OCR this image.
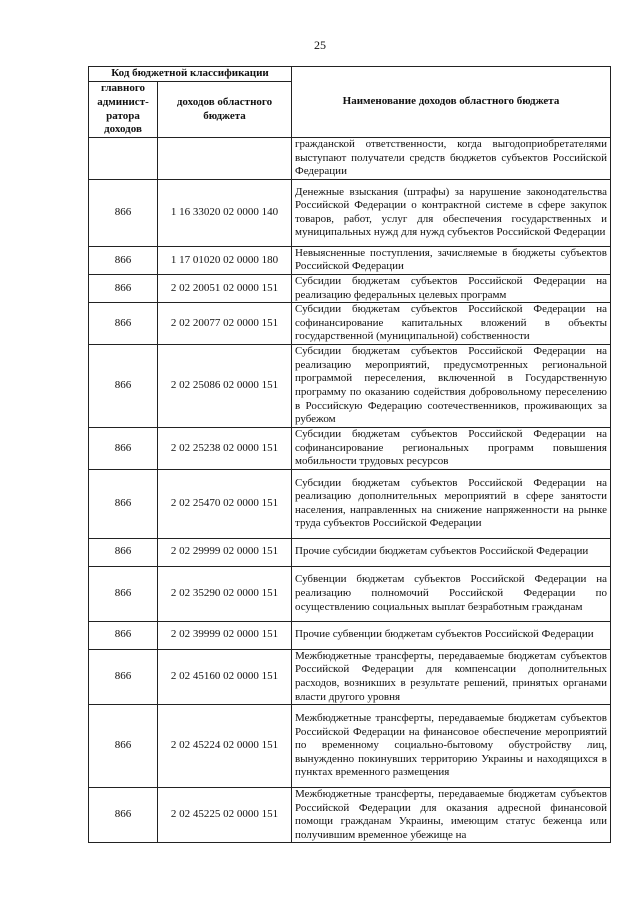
25
Код бюджетной классификации		Наименование доходов областного бюджета
главного админист-ратора доходов	доходов областного бюджета	
		гражданской ответственности, когда выгодоприобретателями выступают получатели средств бюджетов субъектов Российской Федерации
866	1 16 33020 02 0000 140	Денежные взыскания (штрафы) за нарушение законодательства Российской Федерации о контрактной системе в сфере закупок товаров, работ, услуг для обеспечения государственных и муниципальных нужд для нужд субъектов Российской Федерации
866	1 17 01020 02 0000 180	Невыясненные поступления, зачисляемые в бюджеты субъектов Российской Федерации
866	2 02 20051 02 0000 151	Субсидии бюджетам субъектов Российской Федерации на реализацию федеральных целевых программ
866	2 02 20077 02 0000 151	Субсидии бюджетам субъектов Российской Федерации на софинансирование капитальных вложений в объекты государственной (муниципальной) собственности
866	2 02 25086 02 0000 151	Субсидии бюджетам субъектов Российской Федерации на реализацию мероприятий, предусмотренных региональной программой переселения, включенной в Государственную программу по оказанию содействия добровольному переселению в Российскую Федерацию соотечественников, проживающих за рубежом
866	2 02 25238 02 0000 151	Субсидии бюджетам субъектов Российской Федерации на софинансирование региональных программ повышения мобильности трудовых ресурсов
866	2 02 25470 02 0000 151	Субсидии бюджетам субъектов Российской Федерации на реализацию дополнительных мероприятий в сфере занятости населения, направленных на снижение напряженности на рынке труда субъектов Российской Федерации
866	2 02 29999 02 0000 151	Прочие субсидии бюджетам субъектов Российской Федерации
866	2 02 35290 02 0000 151	Субвенции бюджетам субъектов Российской Федерации на реализацию полномочий Российской Федерации по осуществлению социальных выплат безработным гражданам
866	2 02 39999 02 0000 151	Прочие субвенции бюджетам субъектов Российской Федерации
866	2 02 45160 02 0000 151	Межбюджетные трансферты, передаваемые бюджетам субъектов Российской Федерации для компенсации дополнительных расходов, возникших в результате решений, принятых органами власти другого уровня
866	2 02 45224 02 0000 151	Межбюджетные трансферты, передаваемые бюджетам субъектов Российской Федерации на финансовое обеспечение мероприятий по временному социально-бытовому обустройству лиц, вынужденно покинувших территорию Украины и находящихся в пунктах временного размещения
866	2 02 45225 02 0000 151	Межбюджетные трансферты, передаваемые бюджетам субъектов Российской Федерации для оказания адресной финансовой помощи гражданам Украины, имеющим статус беженца или получившим временное убежище на
